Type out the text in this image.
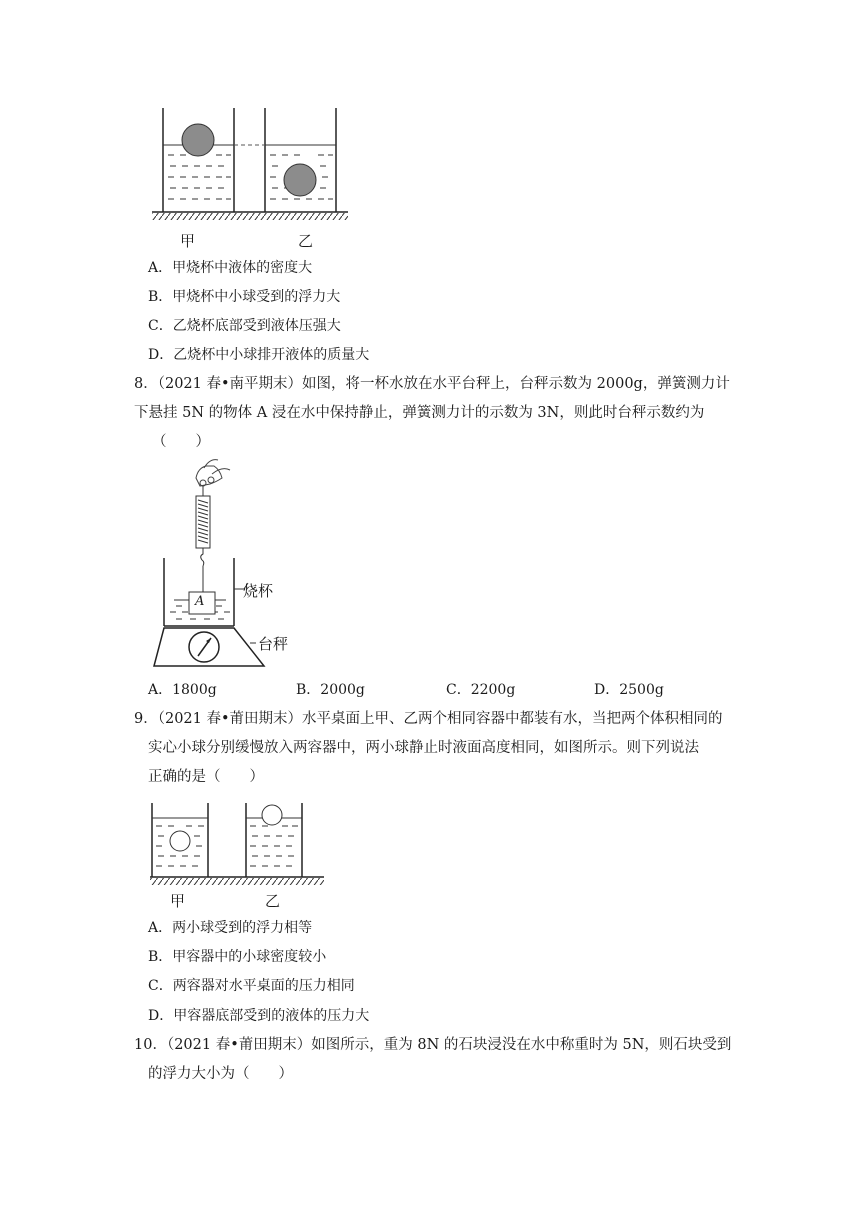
甲	乙
A．甲烧杯中液体的密度大
B．甲烧杯中小球受到的浮力大
C．乙烧杯底部受到液体压强大
D．乙烧杯中小球排开液体的质量大
8．（2021 春•南平期末）如图，将一杯水放在水平台秤上，台秤示数为 2000g，弹簧测力计
下悬挂 5N 的物体 A 浸在水中保持静止，弹簧测力计的示数为 3N，则此时台秤示数约为
（　　）
A
烧杯
台秤
A．1800g	B．2000g	C．2200g	D．2500g
9．（2021 春•莆田期末）水平桌面上甲、乙两个相同容器中都装有水，当把两个体积相同的
实心小球分别缓慢放入两容器中，两小球静止时液面高度相同，如图所示。则下列说法
正确的是（　　）
甲	乙
A．两小球受到的浮力相等
B．甲容器中的小球密度较小
C．两容器对水平桌面的压力相同
D．甲容器底部受到的液体的压力大
10．（2021 春•莆田期末）如图所示，重为 8N 的石块浸没在水中称重时为 5N，则石块受到
的浮力大小为（　　）
